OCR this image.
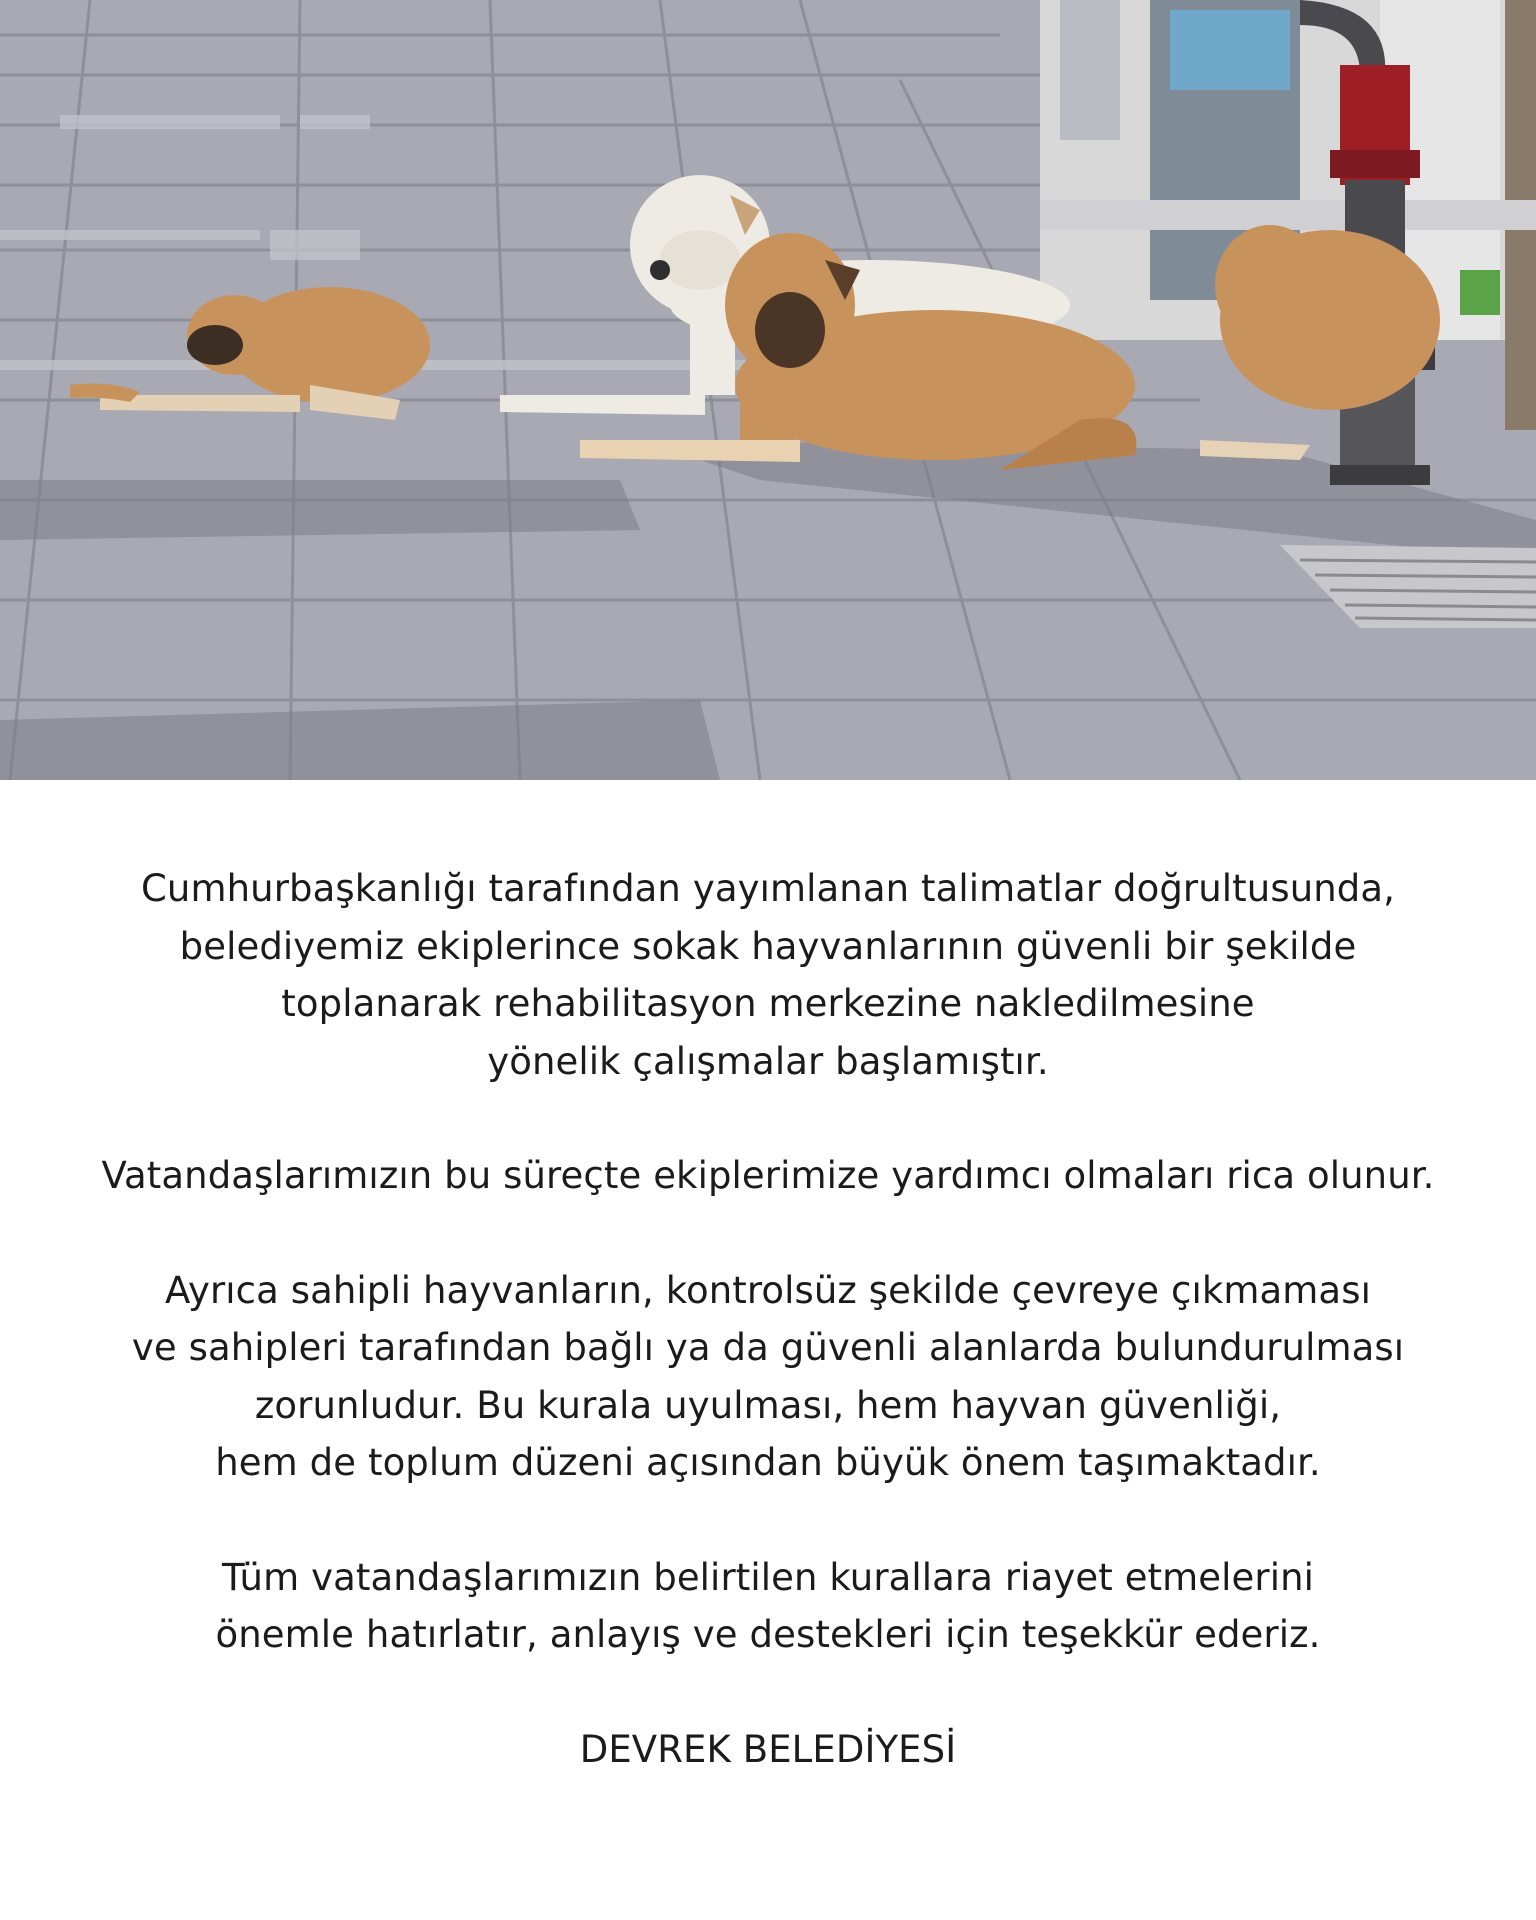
Cumhurbaşkanlığı tarafından yayımlanan talimatlar doğrultusunda,
belediyemiz ekiplerince sokak hayvanlarının güvenli bir şekilde
toplanarak rehabilitasyon merkezine nakledilmesine
yönelik çalışmalar başlamıştır.

Vatandaşlarımızın bu süreçte ekiplerimize yardımcı olmaları rica olunur.

Ayrıca sahipli hayvanların, kontrolsüz şekilde çevreye çıkmaması
ve sahipleri tarafından bağlı ya da güvenli alanlarda bulundurulması
zorunludur. Bu kurala uyulması, hem hayvan güvenliği,
hem de toplum düzeni açısından büyük önem taşımaktadır.

Tüm vatandaşlarımızın belirtilen kurallara riayet etmelerini
önemle hatırlatır, anlayış ve destekleri için teşekkür ederiz.

DEVREK BELEDİYESİ
